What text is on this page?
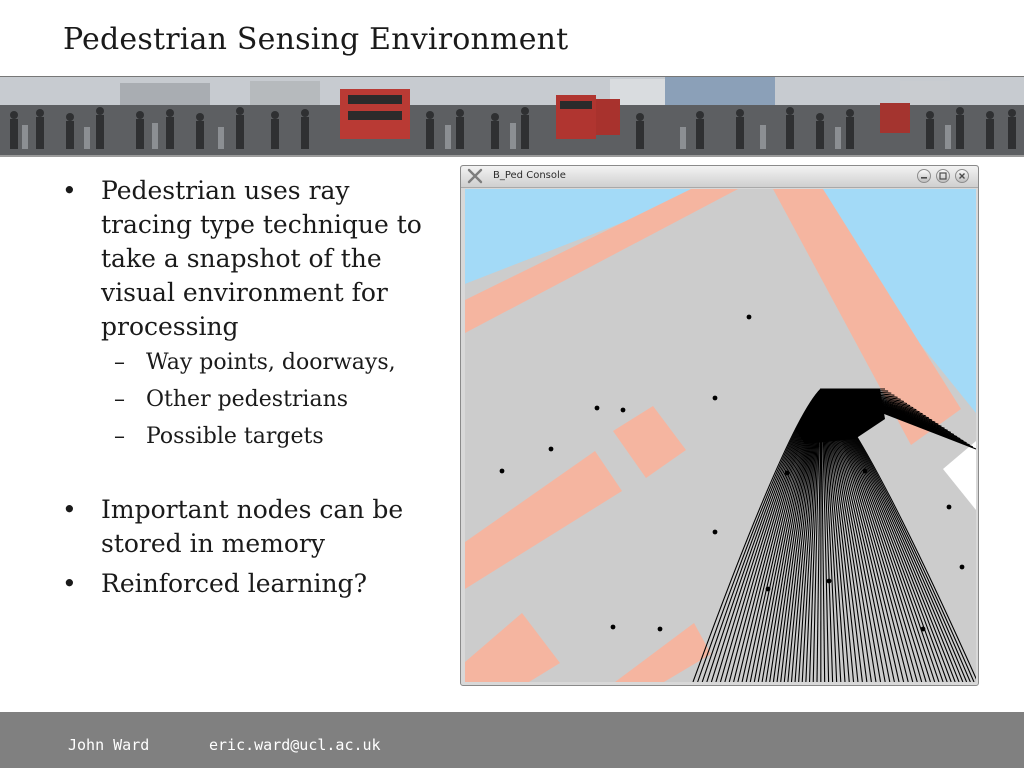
Pedestrian Sensing Environment
• Pedestrian uses ray tracing type technique to take a snapshot of the visual environment for processing
– Way points, doorways,
– Other pedestrians
– Possible targets
• Important nodes can be stored in memory
• Reinforced learning?
B_Ped Console
John Ward	eric.ward@ucl.ac.uk
